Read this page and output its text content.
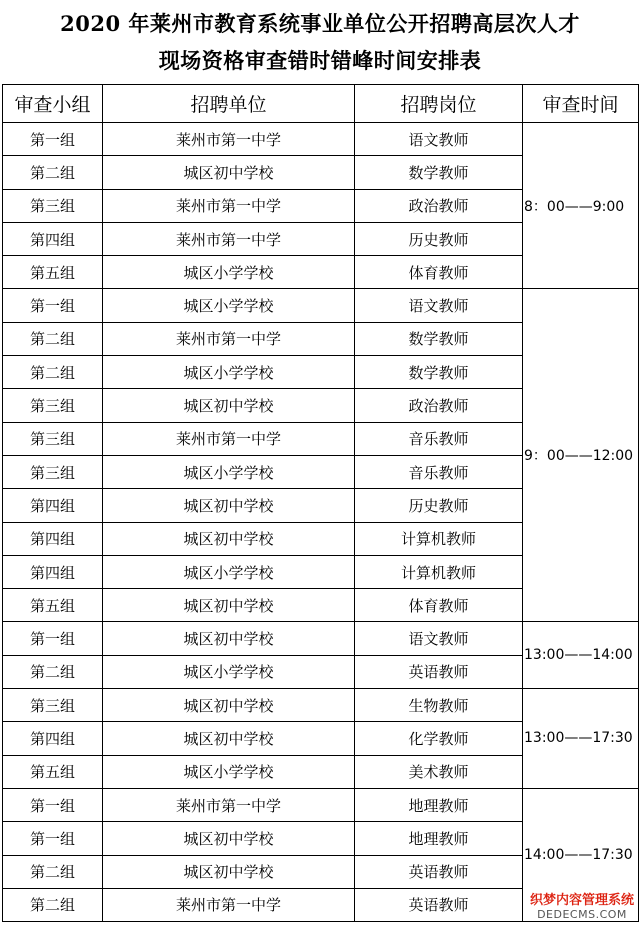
2020 年莱州市教育系统事业单位公开招聘高层次人才
现场资格审查错时错峰时间安排表
审查小组	招聘单位	招聘岗位	审查时间
第一组	莱州市第一中学	语文教师	8：00——9:00
第二组	城区初中学校	数学教师	
第三组	莱州市第一中学	政治教师	
第四组	莱州市第一中学	历史教师	
第五组	城区小学学校	体育教师	
第一组	城区小学学校	语文教师	9：00——12:00
第二组	莱州市第一中学	数学教师	
第二组	城区小学学校	数学教师	
第三组	城区初中学校	政治教师	
第三组	莱州市第一中学	音乐教师	
第三组	城区小学学校	音乐教师	
第四组	城区初中学校	历史教师	
第四组	城区初中学校	计算机教师	
第四组	城区小学学校	计算机教师	
第五组	城区初中学校	体育教师	
第一组	城区初中学校	语文教师	13:00——14:00
第二组	城区小学学校	英语教师	
第三组	城区初中学校	生物教师	13:00——17:30
第四组	城区初中学校	化学教师	
第五组	城区小学学校	美术教师	
第一组	莱州市第一中学	地理教师	14:00——17:30
第一组	城区初中学校	地理教师	
第二组	城区初中学校	英语教师	
第二组	莱州市第一中学	英语教师		织梦内容管理系统
DEDECMS.COM
